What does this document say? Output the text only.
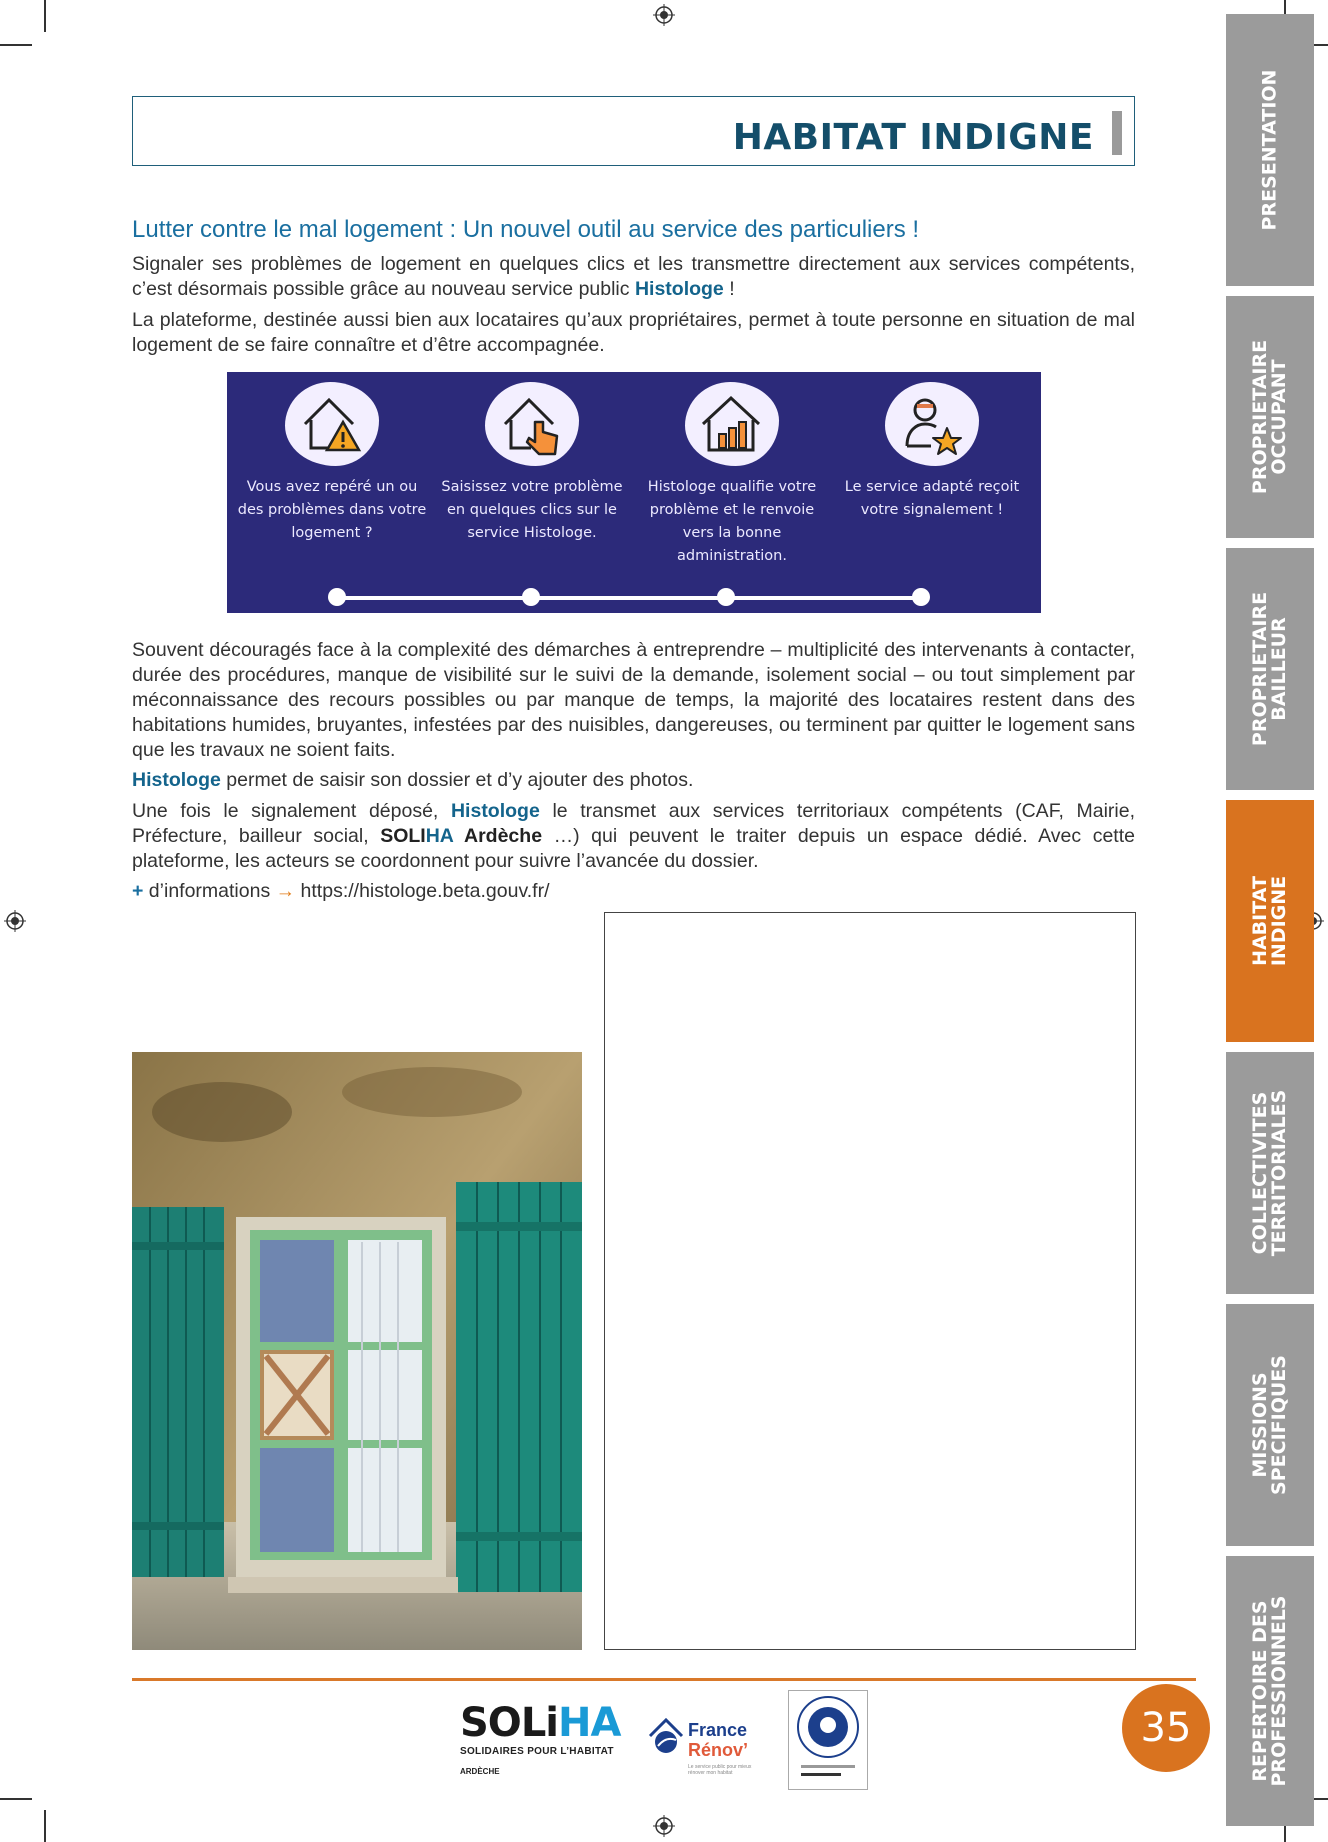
HABITAT INDIGNE
Lutter contre le mal logement : Un nouvel outil au service des particuliers !
Signaler ses problèmes de logement en quelques clics et les transmettre directement aux services compétents, c’est désormais possible grâce au nouveau service public Histologe !
La plateforme, destinée aussi bien aux locataires qu’aux propriétaires, permet à toute personne en situation de mal logement de se faire connaître et d’être accompagnée.
Vous avez repéré un ou des problèmes dans votre logement ?
Saisissez votre problème en quelques clics sur le service Histologe.
Histologe qualifie votre problème et le renvoie vers la bonne administration.
Le service adapté reçoit votre signalement !
Souvent découragés face à la complexité des démarches à entreprendre – multiplicité des intervenants à contacter, durée des procédures, manque de visibilité sur le suivi de la demande, isolement social – ou tout simplement par méconnaissance des recours possibles ou par manque de temps, la majorité des locataires restent dans des habitations humides, bruyantes, infestées par des nuisibles, dangereuses, ou terminent par quitter le logement sans que les travaux ne soient faits.
Histologe permet de saisir son dossier et d’y ajouter des photos.
Une fois le signalement déposé, Histologe le transmet aux services territoriaux compétents (CAF, Mairie, Préfecture, bailleur social, SOLIHA Ardèche …) qui peuvent le traiter depuis un espace dédié. Avec cette plateforme, les acteurs se coordonnent pour suivre l’avancée du dossier.
+ d’informations → https://histologe.beta.gouv.fr/
SOLiHA
SOLIDAIRES POUR L’HABITAT
ARDÈCHE
France
Rénov’
Le service public pour mieux rénover mon habitat
35
PRESENTATION
PROPRIETAIRE
OCCUPANT
PROPRIETAIRE
BAILLEUR
HABITAT
INDIGNE
COLLECTIVITES
TERRITORIALES
MISSIONS
SPECIFIQUES
REPERTOIRE DES
PROFESSIONNELS
